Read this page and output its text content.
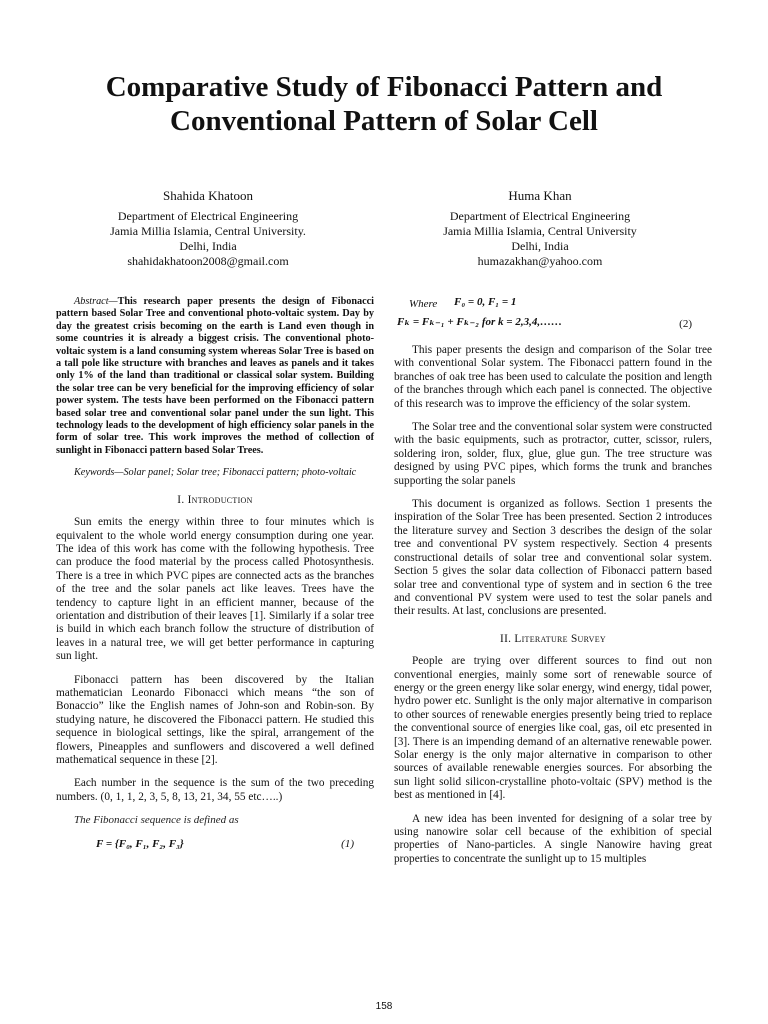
Comparative Study of Fibonacci Pattern and Conventional Pattern of Solar Cell
Shahida Khatoon
Department of Electrical Engineering
Jamia Millia Islamia, Central University.
Delhi, India
shahidakhatoon2008@gmail.com
Huma Khan
Department of Electrical Engineering
Jamia Millia Islamia, Central University
Delhi, India
humazakhan@yahoo.com

Abstract—This research paper presents the design of Fibonacci pattern based Solar Tree and conventional photo-voltaic system. Day by day the greatest crisis becoming on the earth is Land even though in some countries it is already a biggest crisis. The conventional photo-voltaic system is a land consuming system whereas Solar Tree is based on a tall pole like structure with branches and leaves as panels and it takes only 1% of the land than traditional or classical solar system. Building the solar tree can be very beneficial for the improving efficiency of solar power system. The tests have been performed on the Fibonacci pattern based solar tree and conventional solar panel under the sun light. This technology leads to the development of high efficiency solar panels in the form of solar tree. This work improves the method of collection of sunlight in Fibonacci pattern based Solar Trees.

Keywords—Solar panel; Solar tree; Fibonacci pattern; photo-voltaic

I. Introduction

Sun emits the energy within three to four minutes which is equivalent to the whole world energy consumption during one year. The idea of this work has come with the following hypothesis. Tree can produce the food material by the process called Photosynthesis. There is a tree in which PVC pipes are connected acts as the branches of the tree and the solar panels act like leaves. Trees have the tendency to capture light in an efficient manner, because of the orientation and distribution of their leaves [1]. Similarly if a solar tree is build in which each branch follow the structure of distribution of leaves in a natural tree, we will get better performance in capturing sun light.

Fibonacci pattern has been discovered by the Italian mathematician Leonardo Fibonacci which means “the son of Bonaccio” like the English names of John-son and Robin-son. By studying nature, he discovered the Fibonacci pattern. He studied this sequence in biological settings, like the spiral, arrangement of the flowers, Pineapples and sunflowers and discovered a well defined mathematical sequence in these [2].

Each number in the sequence is the sum of the two preceding numbers. (0, 1, 1, 2, 3, 5, 8, 13, 21, 34, 55 etc…..)

The Fibonacci sequence is defined as

F = {F₀, F₁, F₂, F₃}	(1)
Where F₀ = 0, F₁ = 1
Fₖ = Fₖ₋₁ + Fₖ₋₂ for k = 2,3,4,……	(2)

This paper presents the design and comparison of the Solar tree with conventional Solar system. The Fibonacci pattern found in the branches of oak tree has been used to calculate the position and length of the branches through which each panel is connected. The objective of this research was to improve the efficiency of the solar system.

The Solar tree and the conventional solar system were constructed with the basic equipments, such as protractor, cutter, scissor, rulers, soldering iron, solder, flux, glue, glue gun. The tree structure was designed by using PVC pipes, which forms the trunk and branches supporting the solar panels

This document is organized as follows. Section 1 presents the inspiration of the Solar Tree has been presented. Section 2 introduces the literature survey and Section 3 describes the design of the solar tree and conventional PV system respectively. Section 4 presents constructional details of solar tree and conventional solar system. Section 5 gives the solar data collection of Fibonacci pattern based solar tree and conventional type of system and in section 6 the tree and conventional PV system were used to test the solar panels and their results. At last, conclusions are presented.

II. Literature Survey

People are trying over different sources to find out non conventional energies, mainly some sort of renewable source of energy or the green energy like solar energy, wind energy, tidal power, hydro power etc. Sunlight is the only major alternative in comparison to other sources of renewable energies presently being tried to replace the conventional source of energies like coal, gas, oil etc presented in [3]. There is an impending demand of an alternative renewable power. Solar energy is the only major alternative in comparison to other sources of available renewable energies sources. For absorbing the sun light solid silicon-crystalline photo-voltaic (SPV) method is the best as mentioned in [4].

A new idea has been invented for designing of a solar tree by using nanowire solar cell because of the exhibition of special properties of Nano-particles. A single Nanowire having great properties to concentrate the sunlight up to 15 multiples

158
